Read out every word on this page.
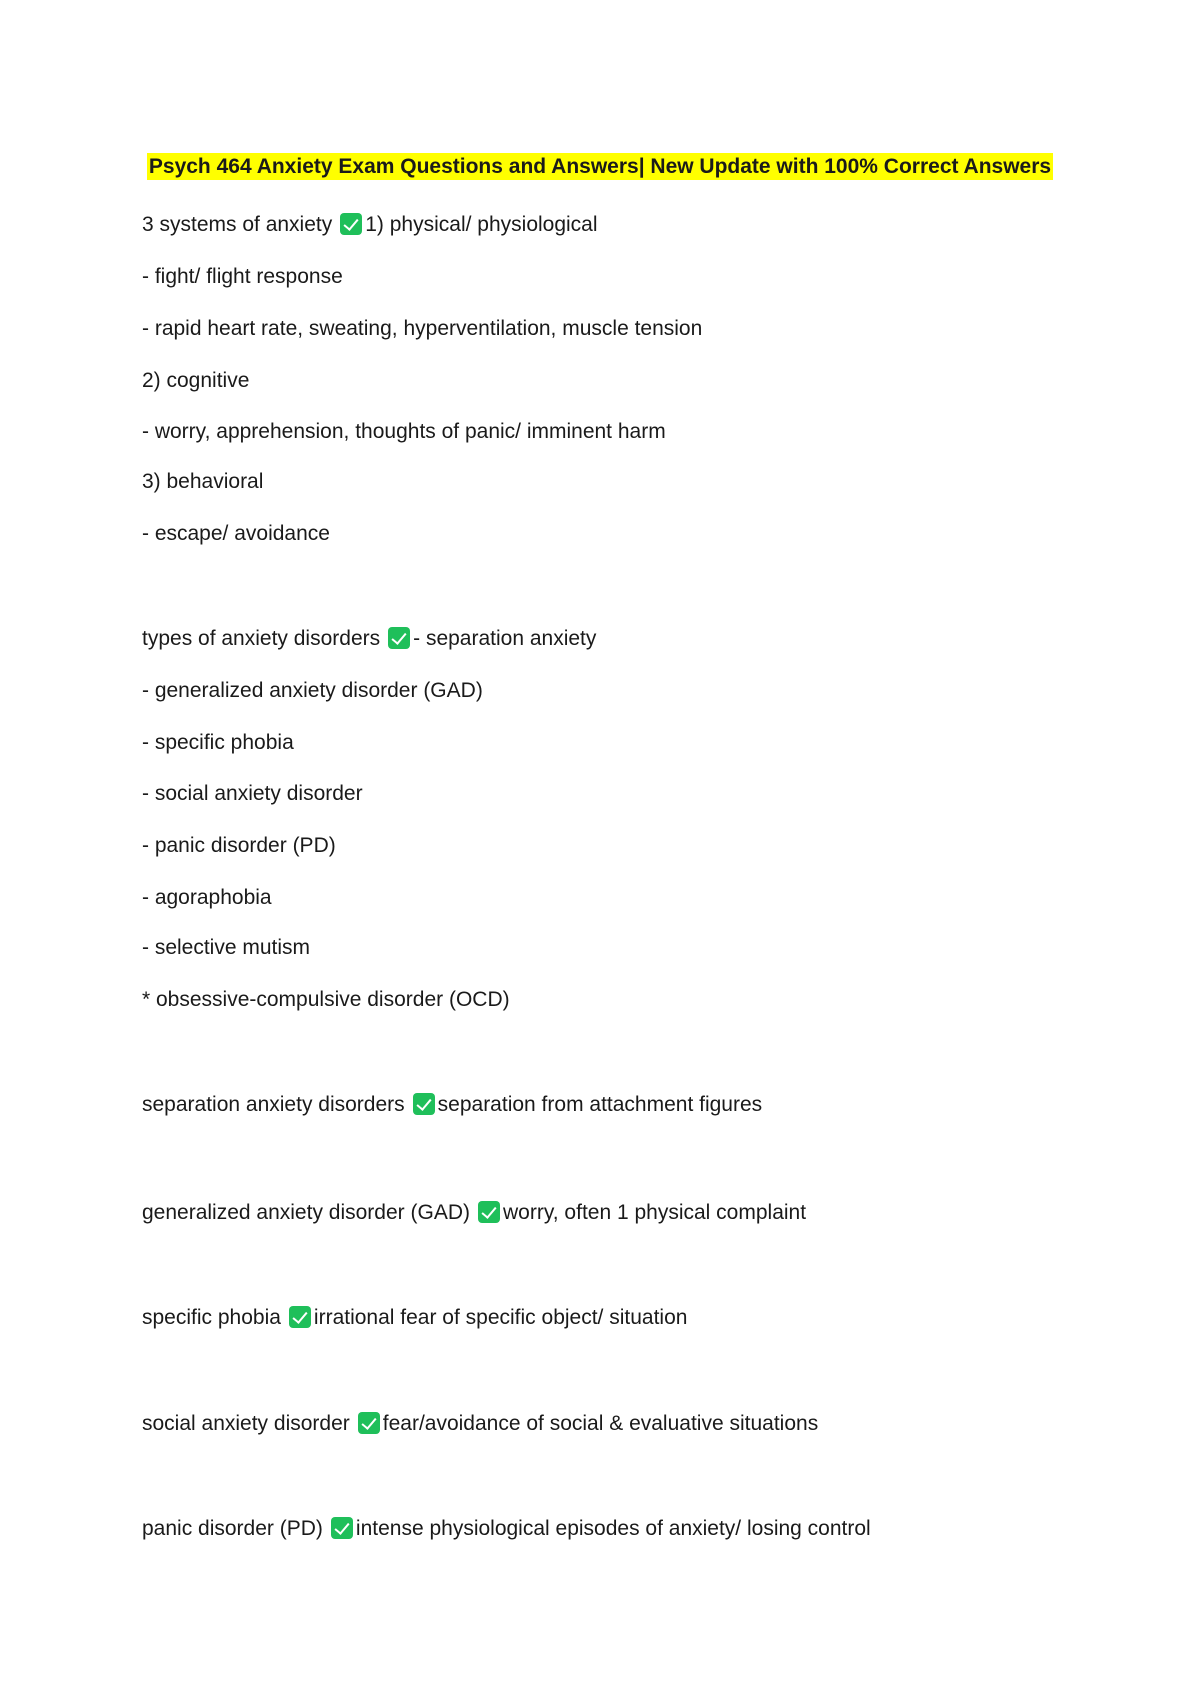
Psych 464 Anxiety Exam Questions and Answers| New Update with 100% Correct Answers
3 systems of anxiety 1) physical/ physiological
- fight/ flight response
- rapid heart rate, sweating, hyperventilation, muscle tension
2) cognitive
- worry, apprehension, thoughts of panic/ imminent harm
3) behavioral
- escape/ avoidance
types of anxiety disorders - separation anxiety
- generalized anxiety disorder (GAD)
- specific phobia
- social anxiety disorder
- panic disorder (PD)
- agoraphobia
- selective mutism
* obsessive-compulsive disorder (OCD)
separation anxiety disorders separation from attachment figures
generalized anxiety disorder (GAD) worry, often 1 physical complaint
specific phobia irrational fear of specific object/ situation
social anxiety disorder fear/avoidance of social & evaluative situations
panic disorder (PD) intense physiological episodes of anxiety/ losing control
